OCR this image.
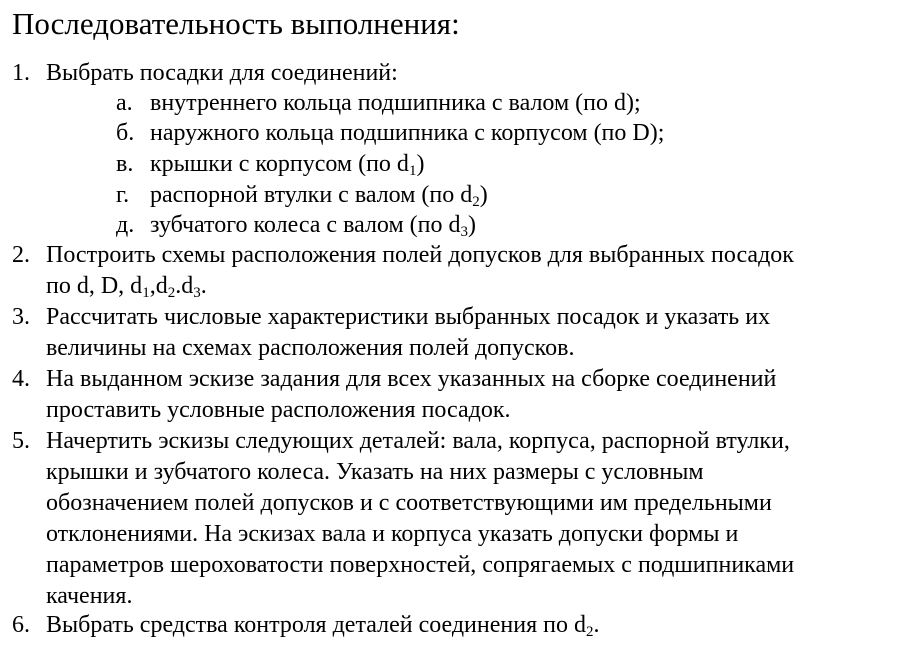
Последовательность выполнения:
1. Выбрать посадки для соединений:
а. внутреннего кольца подшипника с валом (по d);
б. наружного кольца подшипника с корпусом (по D);
в. крышки с корпусом (по $d_1$)
г. распорной втулки с валом (по $d_2$)
д. зубчатого колеса с валом (по $d_3$)
2. Построить схемы расположения полей допусков для выбранных посадок
по d, D, $d_1,d_2.d_3$.
3. Рассчитать числовые характеристики выбранных посадок и указать их
величины на схемах расположения полей допусков.
4. На выданном эскизе задания для всех указанных на сборке соединений
проставить условные расположения посадок.
5. Начертить эскизы следующих деталей: вала, корпуса, распорной втулки,
крышки и зубчатого колеса. Указать на них размеры с условным
обозначением полей допусков и с соответствующими им предельными
отклонениями. На эскизах вала и корпуса указать допуски формы и
параметров шероховатости поверхностей, сопрягаемых с подшипниками
качения.
6. Выбрать средства контроля деталей соединения по $d_2$.
